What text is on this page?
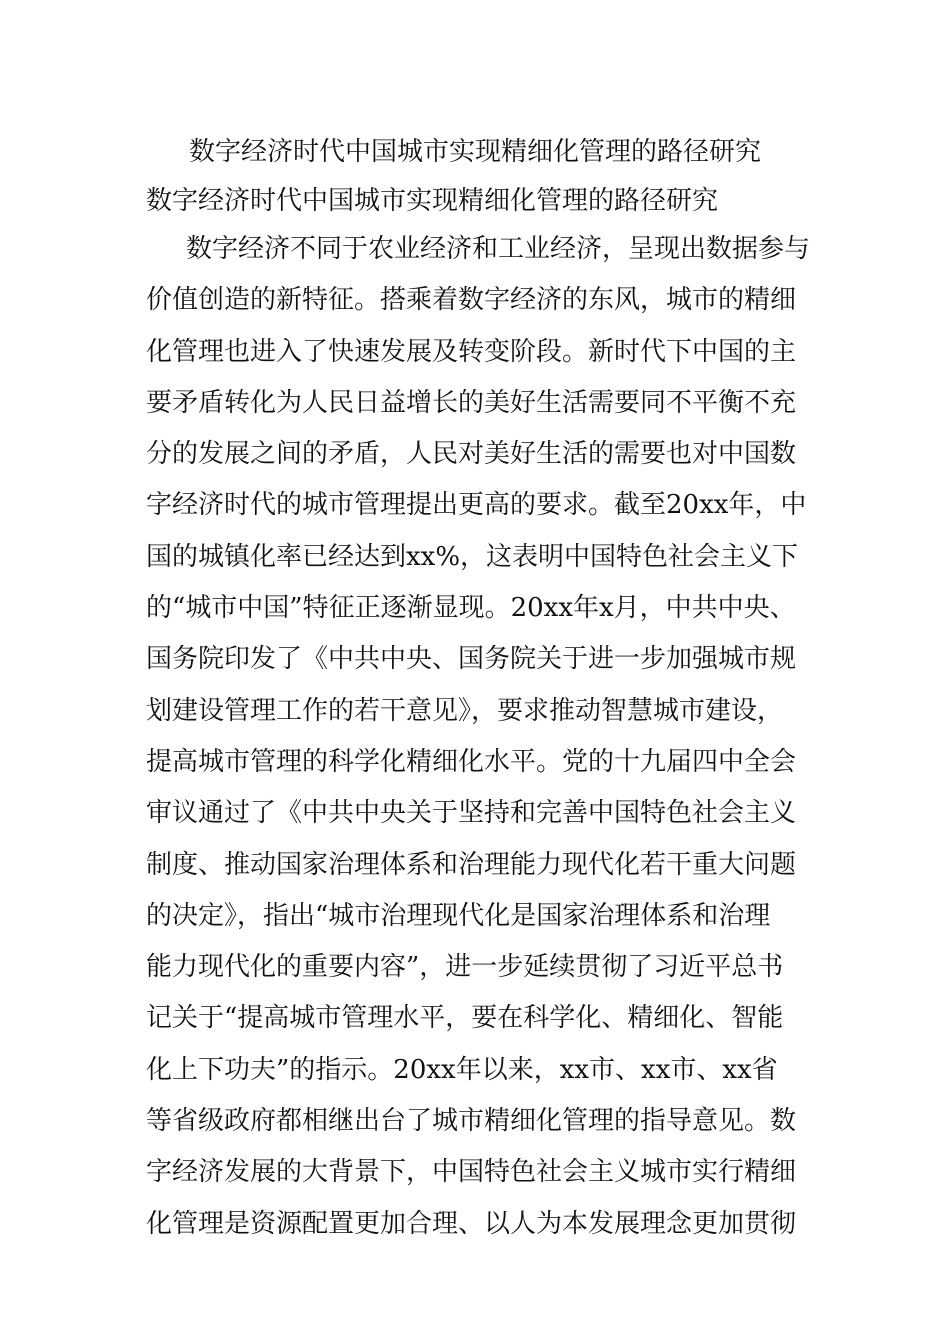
数字经济时代中国城市实现精细化管理的路径研究
数字经济时代中国城市实现精细化管理的路径研究
数字经济不同于农业经济和工业经济，呈现出数据参与
价值创造的新特征。搭乘着数字经济的东风，城市的精细
化管理也进入了快速发展及转变阶段。新时代下中国的主
要矛盾转化为人民日益增长的美好生活需要同不平衡不充
分的发展之间的矛盾，人民对美好生活的需要也对中国数
字经济时代的城市管理提出更高的要求。截至20xx年，中
国的城镇化率已经达到xx%，这表明中国特色社会主义下
的“城市中国”特征正逐渐显现。20xx年x月，中共中央、
国务院印发了《中共中央、国务院关于进一步加强城市规
划建设管理工作的若干意见》，要求推动智慧城市建设，
提高城市管理的科学化精细化水平。党的十九届四中全会
审议通过了《中共中央关于坚持和完善中国特色社会主义
制度、推动国家治理体系和治理能力现代化若干重大问题
的决定》，指出“城市治理现代化是国家治理体系和治理
能力现代化的重要内容”，进一步延续贯彻了习近平总书
记关于“提高城市管理水平，要在科学化、精细化、智能
化上下功夫”的指示。20xx年以来，xx市、xx市、xx省
等省级政府都相继出台了城市精细化管理的指导意见。数
字经济发展的大背景下，中国特色社会主义城市实行精细
化管理是资源配置更加合理、以人为本发展理念更加贯彻
